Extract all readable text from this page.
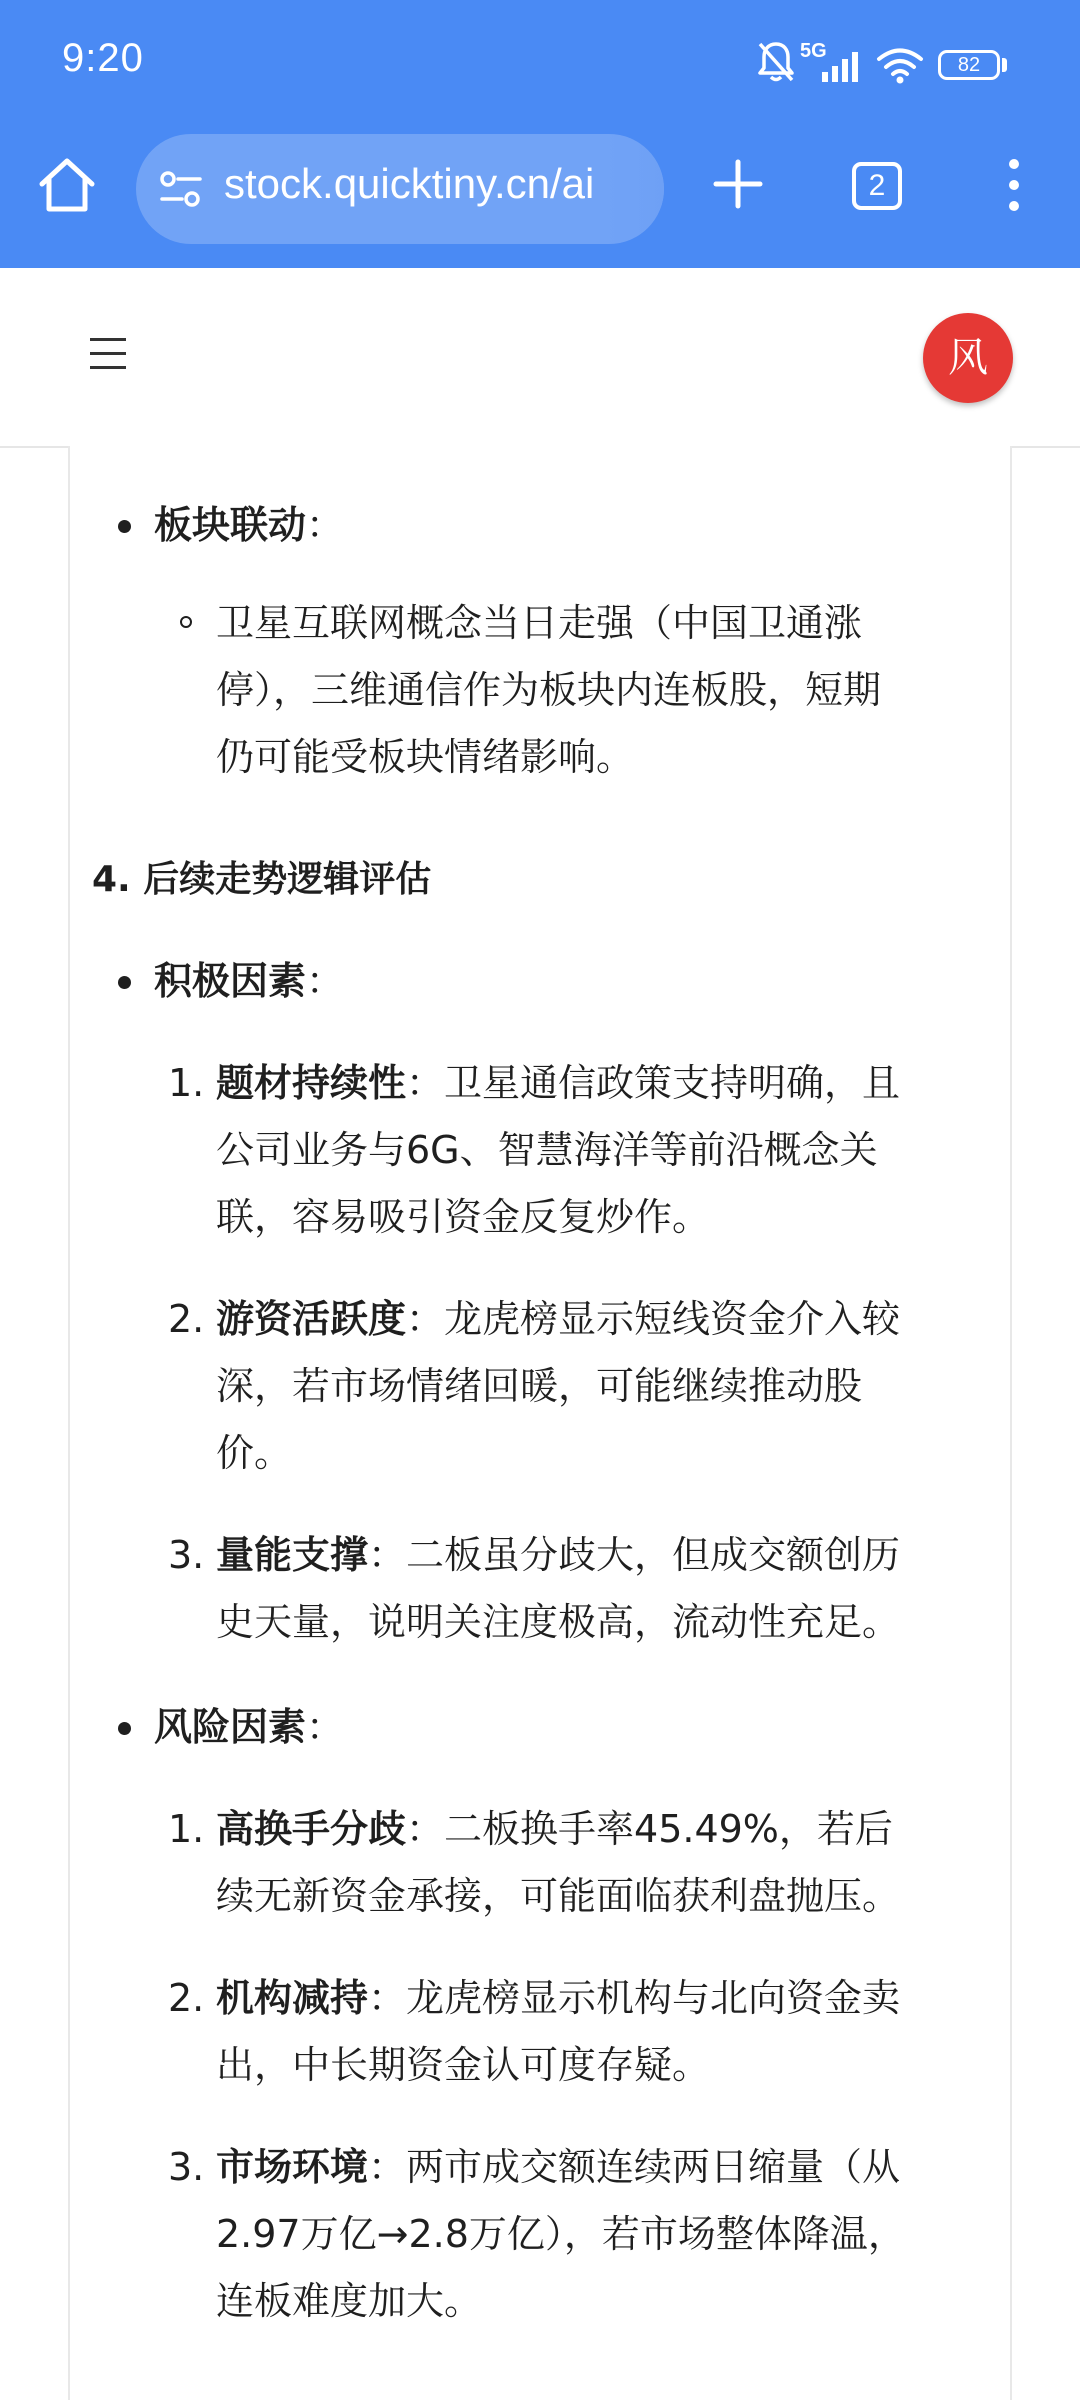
9:20	5G
82
stock.quicktiny.cn/ai	2
风
板块联动：
卫星互联网概念当日走强（中国卫通涨
停），三维通信作为板块内连板股，短期
仍可能受板块情绪影响。
4. 后续走势逻辑评估
积极因素：
1. 题材持续性：卫星通信政策支持明确，且
公司业务与6G、智慧海洋等前沿概念关
联，容易吸引资金反复炒作。
2. 游资活跃度：龙虎榜显示短线资金介入较
深，若市场情绪回暖，可能继续推动股
价。
3. 量能支撑：二板虽分歧大，但成交额创历
史天量，说明关注度极高，流动性充足。
风险因素：
1. 高换手分歧：二板换手率45.49%，若后
续无新资金承接，可能面临获利盘抛压。
2. 机构减持：龙虎榜显示机构与北向资金卖
出，中长期资金认可度存疑。
3. 市场环境：两市成交额连续两日缩量（从
2.97万亿→2.8万亿），若市场整体降温，
连板难度加大。
